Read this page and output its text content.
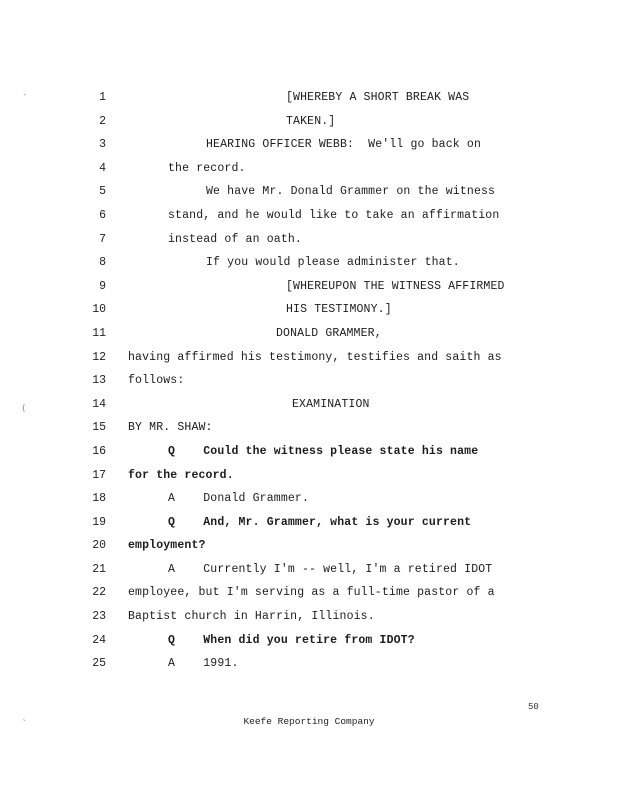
ˊ
(
˛
1	[WHEREBY A SHORT BREAK WAS
2	TAKEN.]
3	HEARING OFFICER WEBB:  We'll go back on
4	the record.
5	We have Mr. Donald Grammer on the witness
6	stand, and he would like to take an affirmation
7	instead of an oath.
8	If you would please administer that.
9	[WHEREUPON THE WITNESS AFFIRMED
10	HIS TESTIMONY.]
11	DONALD GRAMMER,
12 having affirmed his testimony, testifies and saith as
13 follows:
14	EXAMINATION
15 BY MR. SHAW:
16	Q    Could the witness please state his name
17 for the record.
18	A    Donald Grammer.
19	Q    And, Mr. Grammer, what is your current
20 employment?
21	A    Currently I'm -- well, I'm a retired IDOT
22 employee, but I'm serving as a full-time pastor of a
23 Baptist church in Harrin, Illinois.
24	Q    When did you retire from IDOT?
25	A    1991.
50
Keefe Reporting Company
